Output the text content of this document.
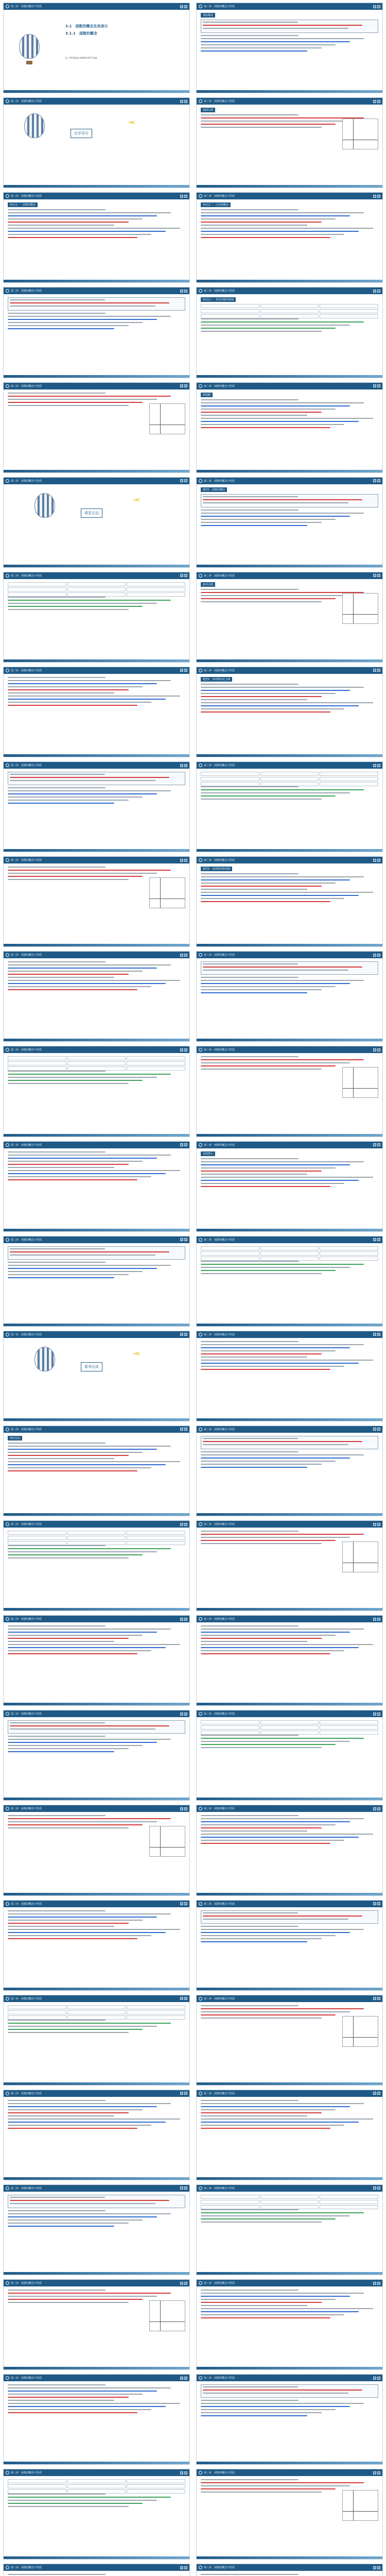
第三章　函数的概念与性质
3.1　函数的概念及其表示
3.1.1　函数的概念
第一PPT模板网-WWW.1PPT.COM
第三章　函数的概念与性质
课标解读
第三章　函数的概念与性质
自学导引
第三章　函数的概念与性质
基础自测
第三章　函数的概念与性质
知识点一　函数的概念
第三章　函数的概念与性质
知识点二　区间的概念
第三章　函数的概念与性质	第三章　函数的概念与性质
知识点三　常见函数的值域
第三章　函数的概念与性质	第三章　函数的概念与性质
微提醒
第三章　函数的概念与性质
课堂互动
第三章　函数的概念与性质
题型1　函数的概念
第三章　函数的概念与性质	第三章　函数的概念与性质
素养点睛
第三章　函数的概念与性质	第三章　函数的概念与性质
题型2　求函数的定义域
第三章　函数的概念与性质	第三章　函数的概念与性质
第三章　函数的概念与性质	第三章　函数的概念与性质
题型3　求函数值和值域
第三章　函数的概念与性质	第三章　函数的概念与性质
第三章　函数的概念与性质	第三章　函数的概念与性质
第三章　函数的概念与性质	第三章　函数的概念与性质
易错警示
第三章　函数的概念与性质	第三章　函数的概念与性质
第三章　函数的概念与性质
素养达成
第三章　函数的概念与性质
第三章　函数的概念与性质
课堂达标
第三章　函数的概念与性质
第三章　函数的概念与性质	第三章　函数的概念与性质
第三章　函数的概念与性质	第三章　函数的概念与性质
第三章　函数的概念与性质	第三章　函数的概念与性质
第三章　函数的概念与性质	第三章　函数的概念与性质
第三章　函数的概念与性质	第三章　函数的概念与性质
第三章　函数的概念与性质	第三章　函数的概念与性质
第三章　函数的概念与性质	第三章　函数的概念与性质
第三章　函数的概念与性质	第三章　函数的概念与性质
第三章　函数的概念与性质	第三章　函数的概念与性质
第三章　函数的概念与性质	第三章　函数的概念与性质
第三章　函数的概念与性质	第三章　函数的概念与性质
第三章　函数的概念与性质	第三章　函数的概念与性质
